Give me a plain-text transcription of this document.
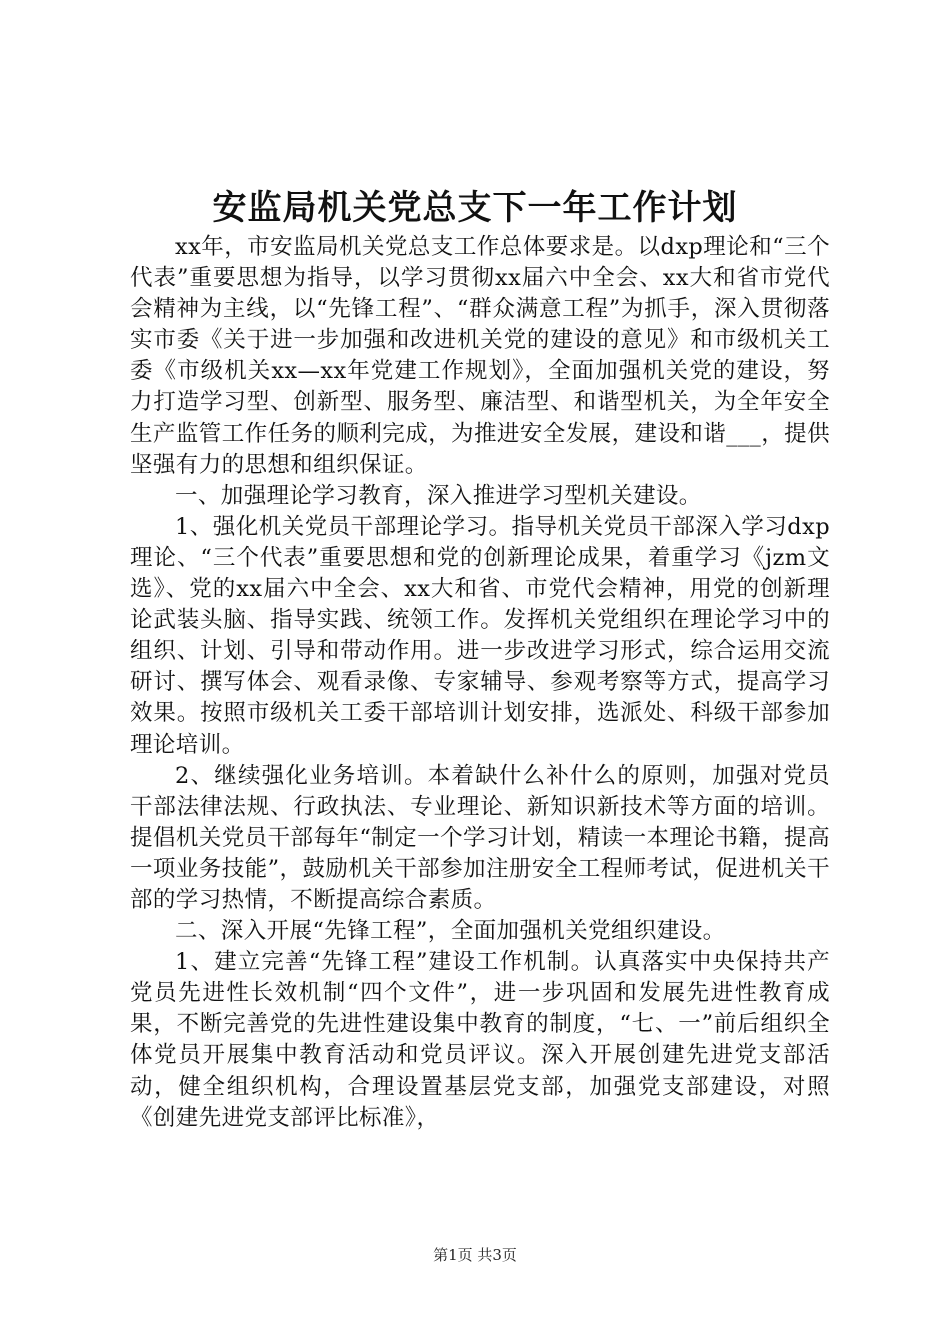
安监局机关党总支下一年工作计划

xx年，市安监局机关党总支工作总体要求是。以dxp理论和“三个代表”重要思想为指导，以学习贯彻xx届六中全会、xx大和省市党代会精神为主线，以“先锋工程”、“群众满意工程”为抓手，深入贯彻落实市委《关于进一步加强和改进机关党的建设的意见》和市级机关工委《市级机关xx—xx年党建工作规划》，全面加强机关党的建设，努力打造学习型、创新型、服务型、廉洁型、和谐型机关，为全年安全生产监管工作任务的顺利完成，为推进安全发展，建设和谐___，提供坚强有力的思想和组织保证。

一、加强理论学习教育，深入推进学习型机关建设。

1、强化机关党员干部理论学习。指导机关党员干部深入学习dxp理论、“三个代表”重要思想和党的创新理论成果，着重学习《jzm文选》、党的xx届六中全会、xx大和省、市党代会精神，用党的创新理论武装头脑、指导实践、统领工作。发挥机关党组织在理论学习中的组织、计划、引导和带动作用。进一步改进学习形式，综合运用交流研讨、撰写体会、观看录像、专家辅导、参观考察等方式，提高学习效果。按照市级机关工委干部培训计划安排，选派处、科级干部参加理论培训。

2、继续强化业务培训。本着缺什么补什么的原则，加强对党员干部法律法规、行政执法、专业理论、新知识新技术等方面的培训。提倡机关党员干部每年“制定一个学习计划，精读一本理论书籍，提高一项业务技能”，鼓励机关干部参加注册安全工程师考试，促进机关干部的学习热情，不断提高综合素质。

二、深入开展“先锋工程”，全面加强机关党组织建设。

1、建立完善“先锋工程”建设工作机制。认真落实中央保持共产党员先进性长效机制“四个文件”，进一步巩固和发展先进性教育成果，不断完善党的先进性建设集中教育的制度，“七、一”前后组织全体党员开展集中教育活动和党员评议。深入开展创建先进党支部活动，健全组织机构，合理设置基层党支部，加强党支部建设，对照《创建先进党支部评比标准》，

第1页 共3页
